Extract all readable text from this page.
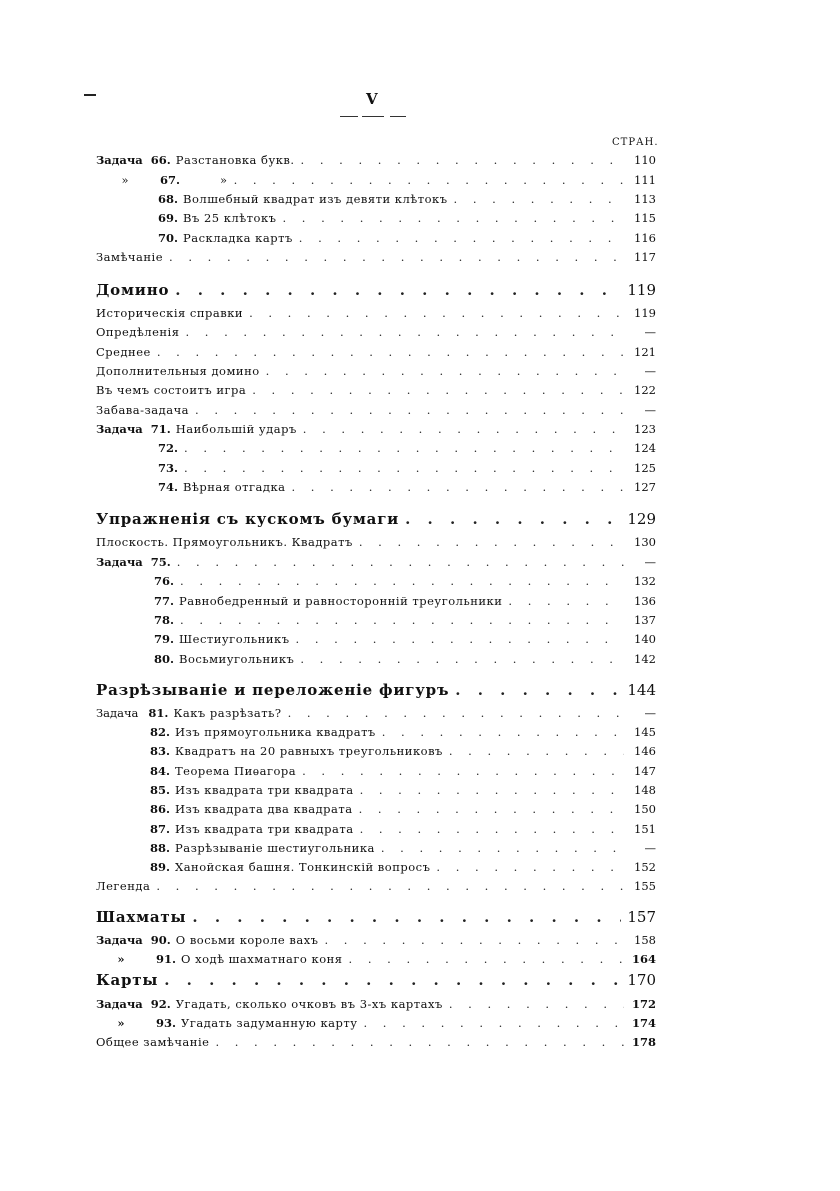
V
СТРАН.
Задача 66. Разстановка букв. . . .	110
»	67.	» . . .	111
68. Волшебный квадрат изъ девяти клѣтокъ . . .	113
69. Въ 25 клѣтокъ . . .	115
70. Раскладка картъ . . .	116
Замѣчаніе . . .	117
Домино . . .	119
Историческія справки . . .	119
Опредѣленія . . .	—
Среднее . . .	121
Дополнительныя домино . . .	—
Въ чемъ состоитъ игра . . .	122
Забава-задача . . .	—
Задача 71. Наибольшій ударъ . . .	123
72. . . .	124
73. . . .	125
74. Вѣрная отгадка . . .	127
Упражненія съ кускомъ бумаги . . .	129
Плоскость. Прямоугольникъ. Квадратъ . . .	130
Задача 75. . . .	—
76. . . .	132
77. Равнобедренный и равносторонній треугольники . . .	136
78. . . .	137
79. Шестиугольникъ . . .	140
80. Восьмиугольникъ . . .	142
Разрѣзываніе и переложеніе фигуръ . . .	144
Задача 81. Какъ разрѣзать? . . .	—
82. Изъ прямоугольника квадратъ . . .	145
83. Квадратъ на 20 равныхъ треугольниковъ . . .	146
84. Теорема Пиѳагора . . .	147
85. Изъ квадрата три квадрата . . .	148
86. Изъ квадрата два квадрата . . .	150
87. Изъ квадрата три квадрата . . .	151
88. Разрѣзываніе шестиугольника . . .	—
89. Ханойская башня. Тонкинскій вопросъ . . .	152
Легенда . . .	155
Шахматы . . .	157
Задача 90. О восьми короле вахъ . . .	158
»	91. О ходѣ шахматнаго коня . . .	164
Карты . . .	170
Задача 92. Угадать, сколько очковъ въ 3-хъ картахъ . . .	172
»	93. Угадать задуманную карту . . .	174
Общее замѣчаніе . . .	178
